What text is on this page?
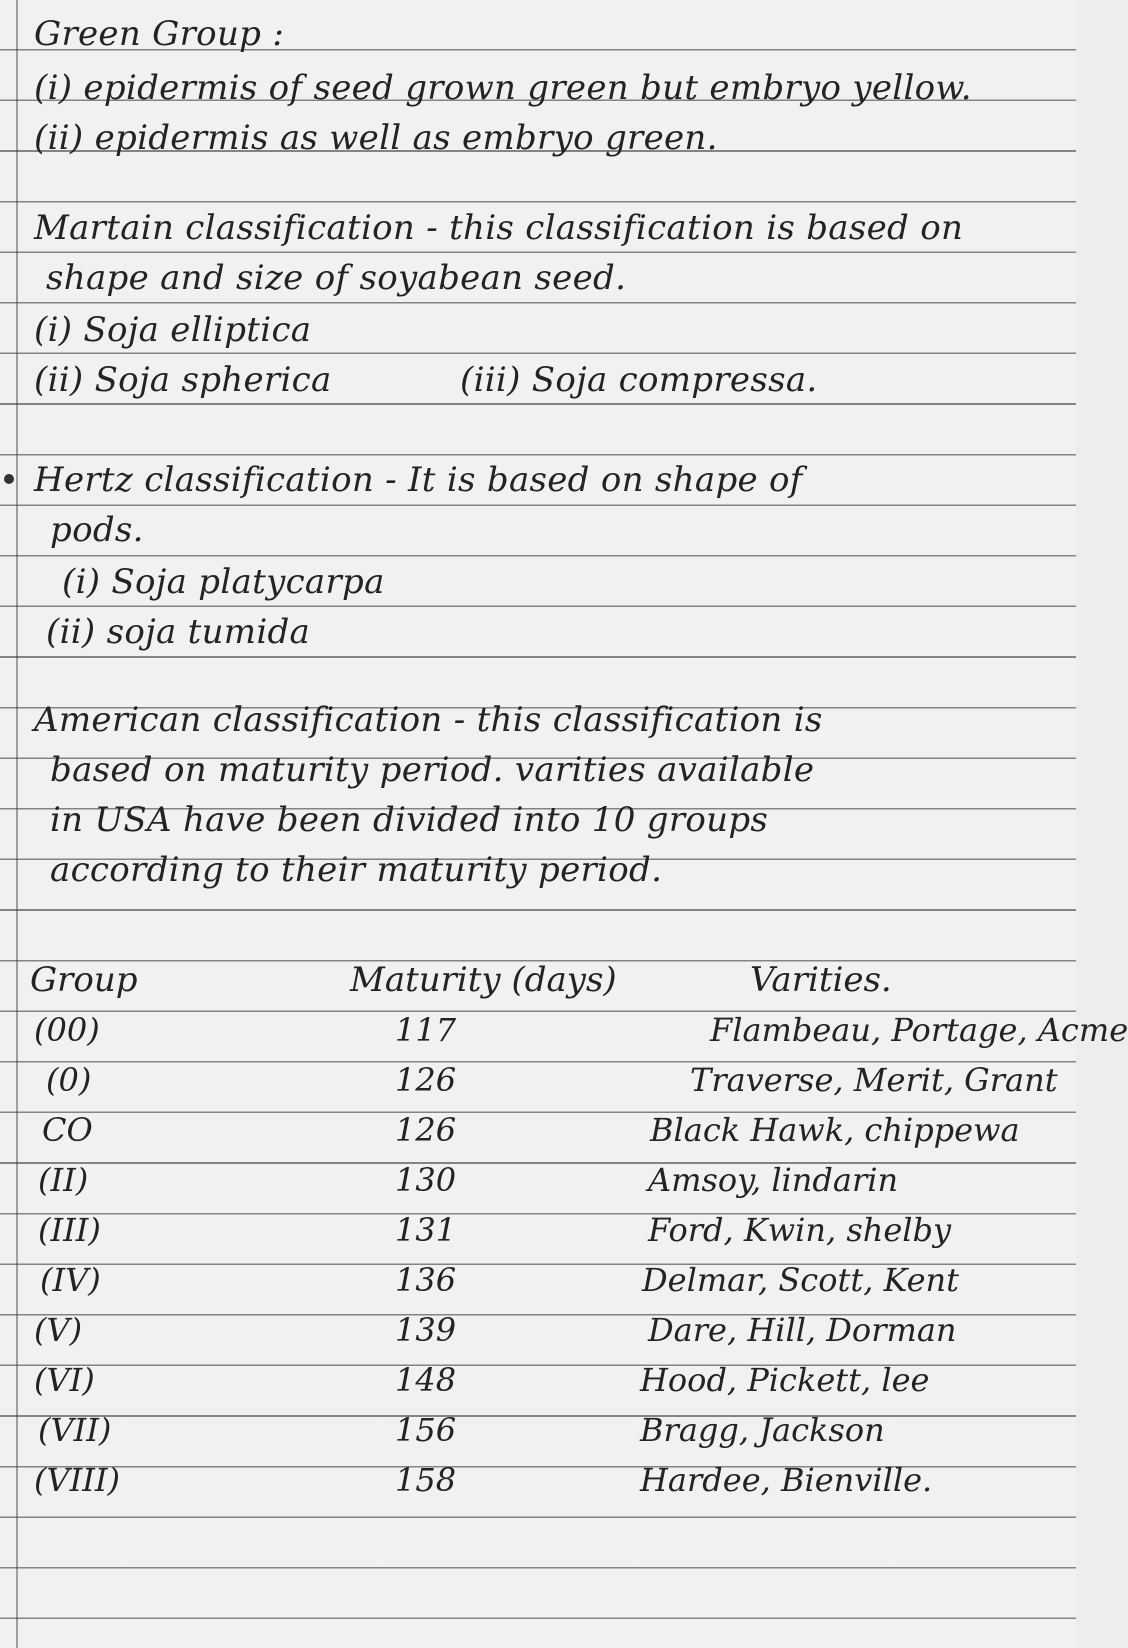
Green Group :
(i) epidermis of seed grown green but embryo yellow.
(ii) epidermis as well as embryo green.
Martain classification - this classification is based on
shape and size of soyabean seed.
(i) Soja elliptica
(ii) Soja spherica	(iii) Soja compressa.
Hertz classification - It is based on shape of
pods.
(i) Soja platycarpa
(ii) soja tumida
American classification - this classification is
based on maturity period. varities available
in USA have been divided into 10 groups
according to their maturity period.
Group	Maturity (days)	Varities.
(00)	117	Flambeau, Portage, Acme
(0)	126	Traverse, Merit, Grant
CO	126	Black Hawk, chippewa
(II)	130	Amsoy, lindarin
(III)	131	Ford, Kwin, shelby
(IV)	136	Delmar, Scott, Kent
(V)	139	Dare, Hill, Dorman
(VI)	148	Hood, Pickett, lee
(VII)	156	Bragg, Jackson
(VIII)	158	Hardee, Bienville.
